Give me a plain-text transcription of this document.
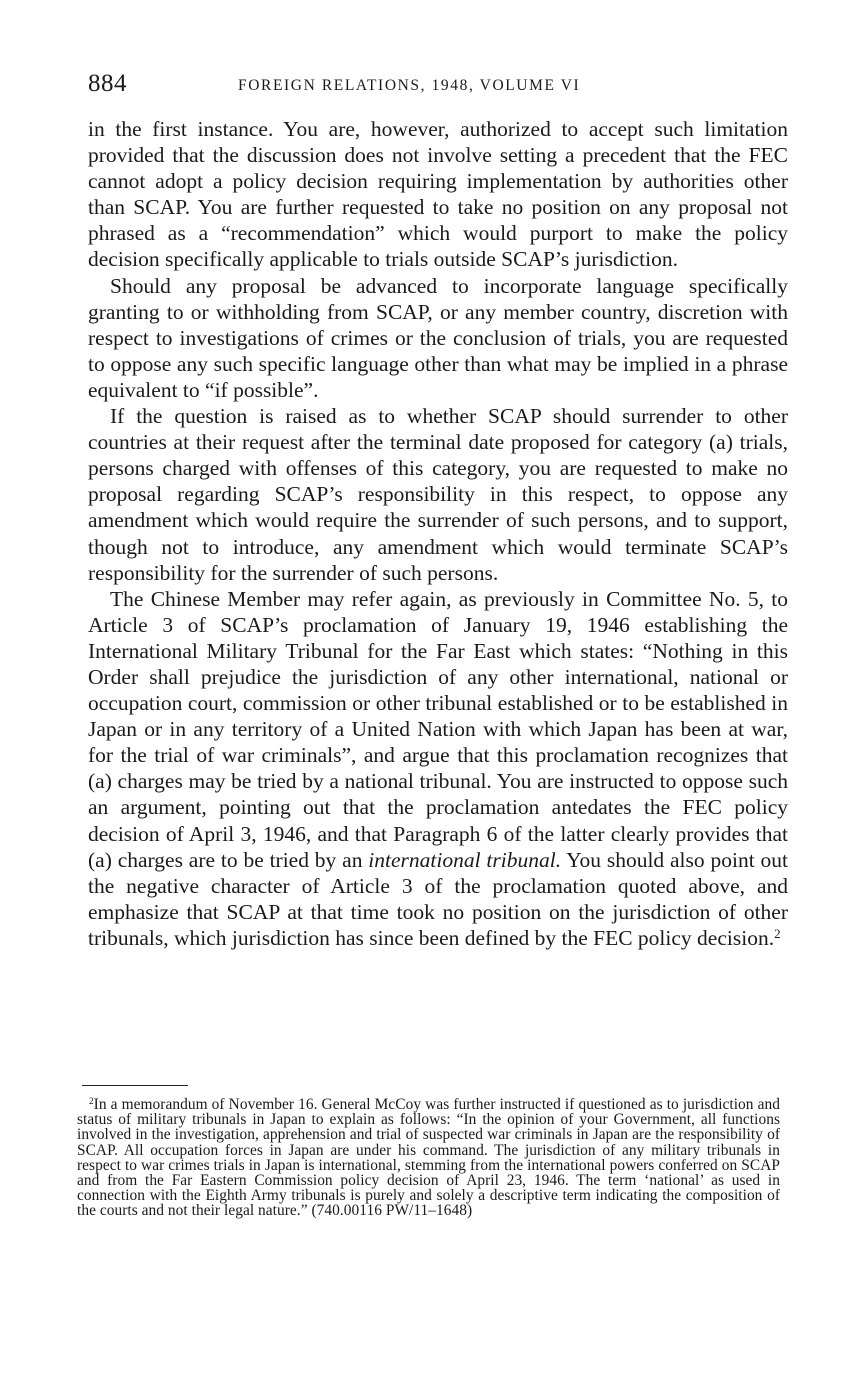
884	FOREIGN RELATIONS, 1948, VOLUME VI

in the first instance. You are, however, authorized to accept such limitation provided that the discussion does not involve setting a precedent that the FEC cannot adopt a policy decision requiring implementation by authorities other than SCAP. You are further requested to take no position on any proposal not phrased as a “recommendation” which would purport to make the policy decision specifically applicable to trials outside SCAP’s jurisdiction.

Should any proposal be advanced to incorporate language specifically granting to or withholding from SCAP, or any member country, discretion with respect to investigations of crimes or the conclusion of trials, you are requested to oppose any such specific language other than what may be implied in a phrase equivalent to “if possible”.

If the question is raised as to whether SCAP should surrender to other countries at their request after the terminal date proposed for category (a) trials, persons charged with offenses of this category, you are requested to make no proposal regarding SCAP’s responsibility in this respect, to oppose any amendment which would require the surrender of such persons, and to support, though not to introduce, any amendment which would terminate SCAP’s responsibility for the surrender of such persons.

The Chinese Member may refer again, as previously in Committee No. 5, to Article 3 of SCAP’s proclamation of January 19, 1946 establishing the International Military Tribunal for the Far East which states: “Nothing in this Order shall prejudice the jurisdiction of any other international, national or occupation court, commission or other tribunal established or to be established in Japan or in any territory of a United Nation with which Japan has been at war, for the trial of war criminals”, and argue that this proclamation recognizes that (a) charges may be tried by a national tribunal. You are instructed to oppose such an argument, pointing out that the proclamation antedates the FEC policy decision of April 3, 1946, and that Paragraph 6 of the latter clearly provides that (a) charges are to be tried by an international tribunal. You should also point out the negative character of Article 3 of the proclamation quoted above, and emphasize that SCAP at that time took no position on the jurisdiction of other tribunals, which jurisdiction has since been defined by the FEC policy decision.$^2$

$^2$In a memorandum of November 16. General McCoy was further instructed if questioned as to jurisdiction and status of military tribunals in Japan to explain as follows: “In the opinion of your Government, all functions involved in the investigation, apprehension and trial of suspected war criminals in Japan are the responsibility of SCAP. All occupation forces in Japan are under his command. The jurisdiction of any military tribunals in respect to war crimes trials in Japan is international, stemming from the international powers conferred on SCAP and from the Far Eastern Commission policy decision of April 23, 1946. The term ‘national’ as used in connection with the Eighth Army tribunals is purely and solely a descriptive term indicating the composition of the courts and not their legal nature.” (740.00116 PW/11–1648)
